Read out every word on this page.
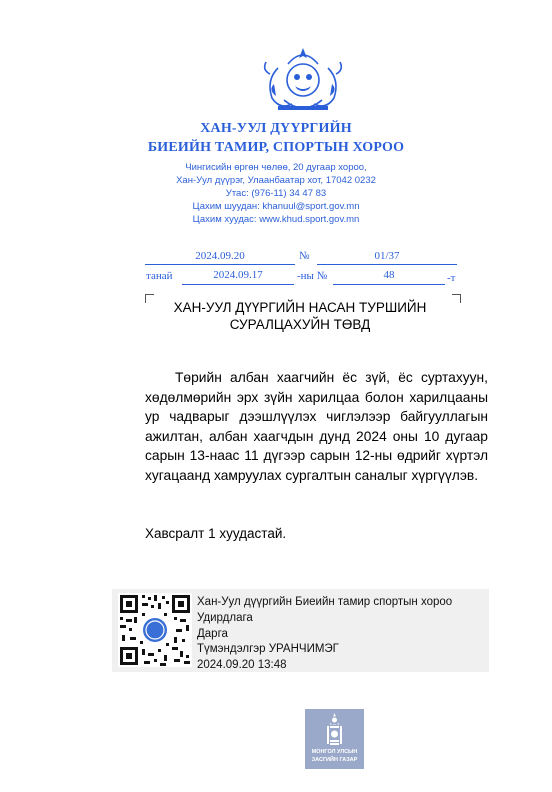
ХАН-УУЛ ДҮҮРГИЙН
БИЕИЙН ТАМИР, СПОРТЫН ХОРОО
Чингисийн өргөн чөлөө, 20 дугаар хороо,
Хан-Уул дүүрэг, Улаанбаатар хот, 17042 0232
Утас: (976-11) 34 47 83
Цахим шуудан: khanuul@sport.gov.mn
Цахим хуудас: www.khud.sport.gov.mn
2024.09.20	№	01/37
танай	2024.09.17	-ны №	48	-т
ХАН-УУЛ ДҮҮРГИЙН НАСАН ТУРШИЙН
СУРАЛЦАХУЙН ТӨВД
Төрийн албан хаагчийн ёс зүй, ёс суртахуун, хөдөлмөрийн эрх зүйн харилцаа болон харилцааны ур чадварыг дээшлүүлэх чиглэлээр байгууллагын ажилтан, албан хаагчдын дунд 2024 оны 10 дугаар сарын 13-наас 11 дүгээр сарын 12-ны өдрийг хүртэл хугацаанд хамруулах сургалтын саналыг хүргүүлэв.
Хавсралт 1 хуудастай.
Хан-Уул дүүргийн Биеийн тамир спортын хороо
Удирдлага
Дарга
Түмэндэлгэр УРАНЧИМЭГ
2024.09.20 13:48
МОНГОЛ УЛСЫН
ЗАСГИЙН ГАЗАР
